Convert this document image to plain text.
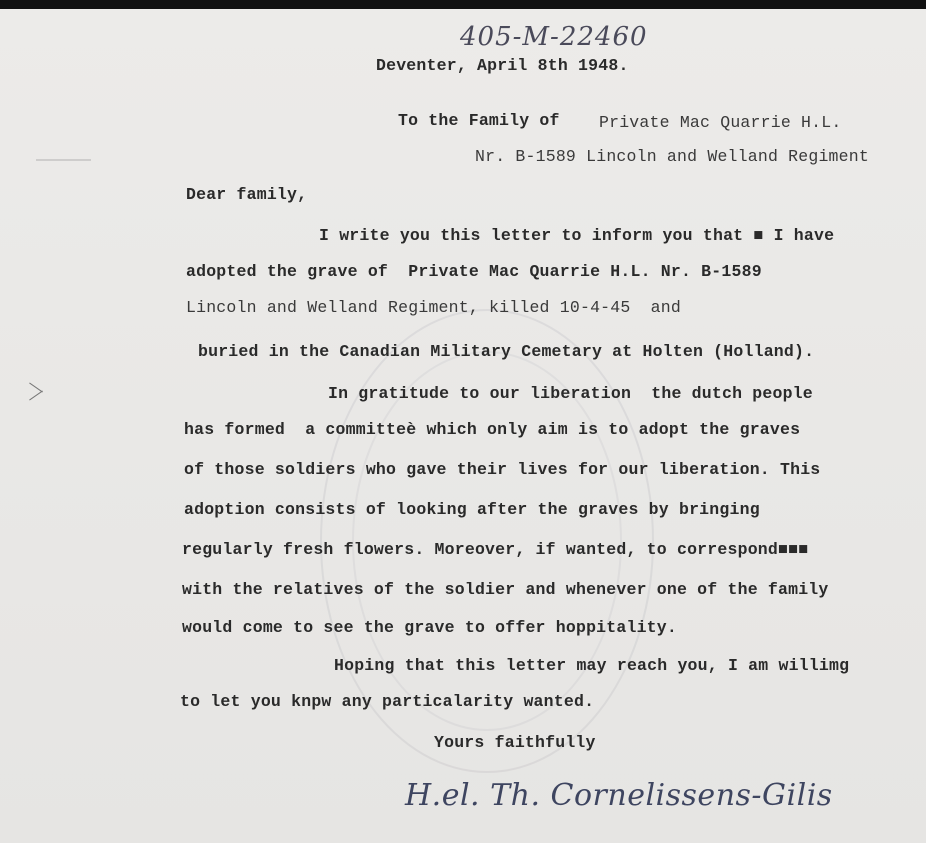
405-M-22460
Deventer, April 8th 1948.
To the Family of Private Mac Quarrie H.L.
Nr. B-1589 Lincoln and Welland Regiment
Dear family,
I write you this letter to inform you that ■ I have
adopted the grave of  Private Mac Quarrie H.L. Nr. B-1589
Lincoln and Welland Regiment, killed 10-4-45  and
buried in the Canadian Military Cemetary at Holten (Holland).
In gratitude to our liberation  the dutch people
has formed  a committeè which only aim is to adopt the graves
of those soldiers who gave their lives for our liberation. This
adoption consists of looking after the graves by bringing
regularly fresh flowers. Moreover, if wanted, to correspond■■■
with the relatives of the soldier and whenever one of the family
would come to see the grave to offer hoppitality.
Hoping that this letter may reach you, I am willimg
to let you knpw any particalarity wanted.
Yours faithfully
H.el. Th. Cornelissens-Gilis
